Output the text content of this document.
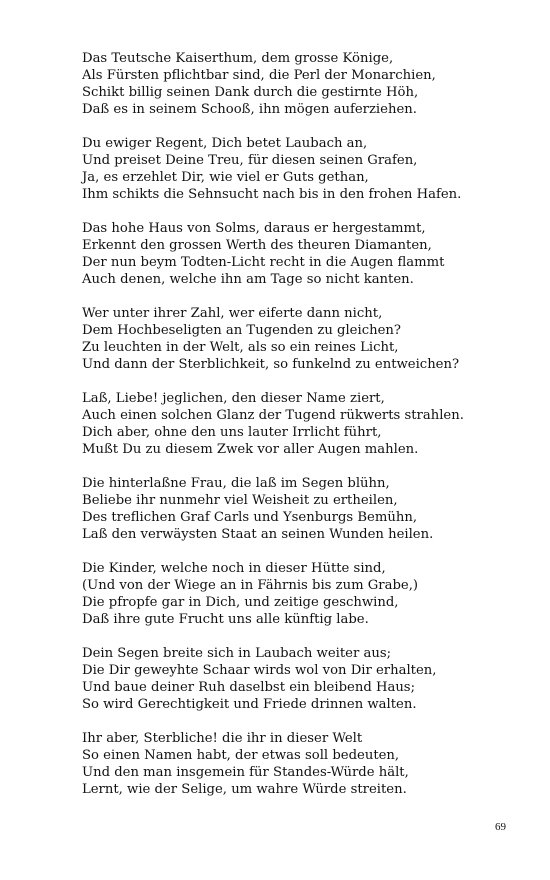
Das Teutsche Kaiserthum, dem grosse Könige,
Als Fürsten pflichtbar sind, die Perl der Monarchien,
Schikt billig seinen Dank durch die gestirnte Höh,
Daß es in seinem Schooß, ihn mögen auferziehen.
Du ewiger Regent, Dich betet Laubach an,
Und preiset Deine Treu, für diesen seinen Grafen,
Ja, es erzehlet Dir, wie viel er Guts gethan,
Ihm schikts die Sehnsucht nach bis in den frohen Hafen.
Das hohe Haus von Solms, daraus er hergestammt,
Erkennt den grossen Werth des theuren Diamanten,
Der nun beym Todten-Licht recht in die Augen flammt
Auch denen, welche ihn am Tage so nicht kanten.
Wer unter ihrer Zahl, wer eiferte dann nicht,
Dem Hochbeseligten an Tugenden zu gleichen?
Zu leuchten in der Welt, als so ein reines Licht,
Und dann der Sterblichkeit, so funkelnd zu entweichen?
Laß, Liebe! jeglichen, den dieser Name ziert,
Auch einen solchen Glanz der Tugend rükwerts strahlen.
Dich aber, ohne den uns lauter Irrlicht führt,
Mußt Du zu diesem Zwek vor aller Augen mahlen.
Die hinterlaßne Frau, die laß im Segen blühn,
Beliebe ihr nunmehr viel Weisheit zu ertheilen,
Des treflichen Graf Carls und Ysenburgs Bemühn,
Laß den verwäysten Staat an seinen Wunden heilen.
Die Kinder, welche noch in dieser Hütte sind,
(Und von der Wiege an in Fährnis bis zum Grabe,)
Die pfropfe gar in Dich, und zeitige geschwind,
Daß ihre gute Frucht uns alle künftig labe.
Dein Segen breite sich in Laubach weiter aus;
Die Dir geweyhte Schaar wirds wol von Dir erhalten,
Und baue deiner Ruh daselbst ein bleibend Haus;
So wird Gerechtigkeit und Friede drinnen walten.
Ihr aber, Sterbliche! die ihr in dieser Welt
So einen Namen habt, der etwas soll bedeuten,
Und den man insgemein für Standes-Würde hält,
Lernt, wie der Selige, um wahre Würde streiten.
69
